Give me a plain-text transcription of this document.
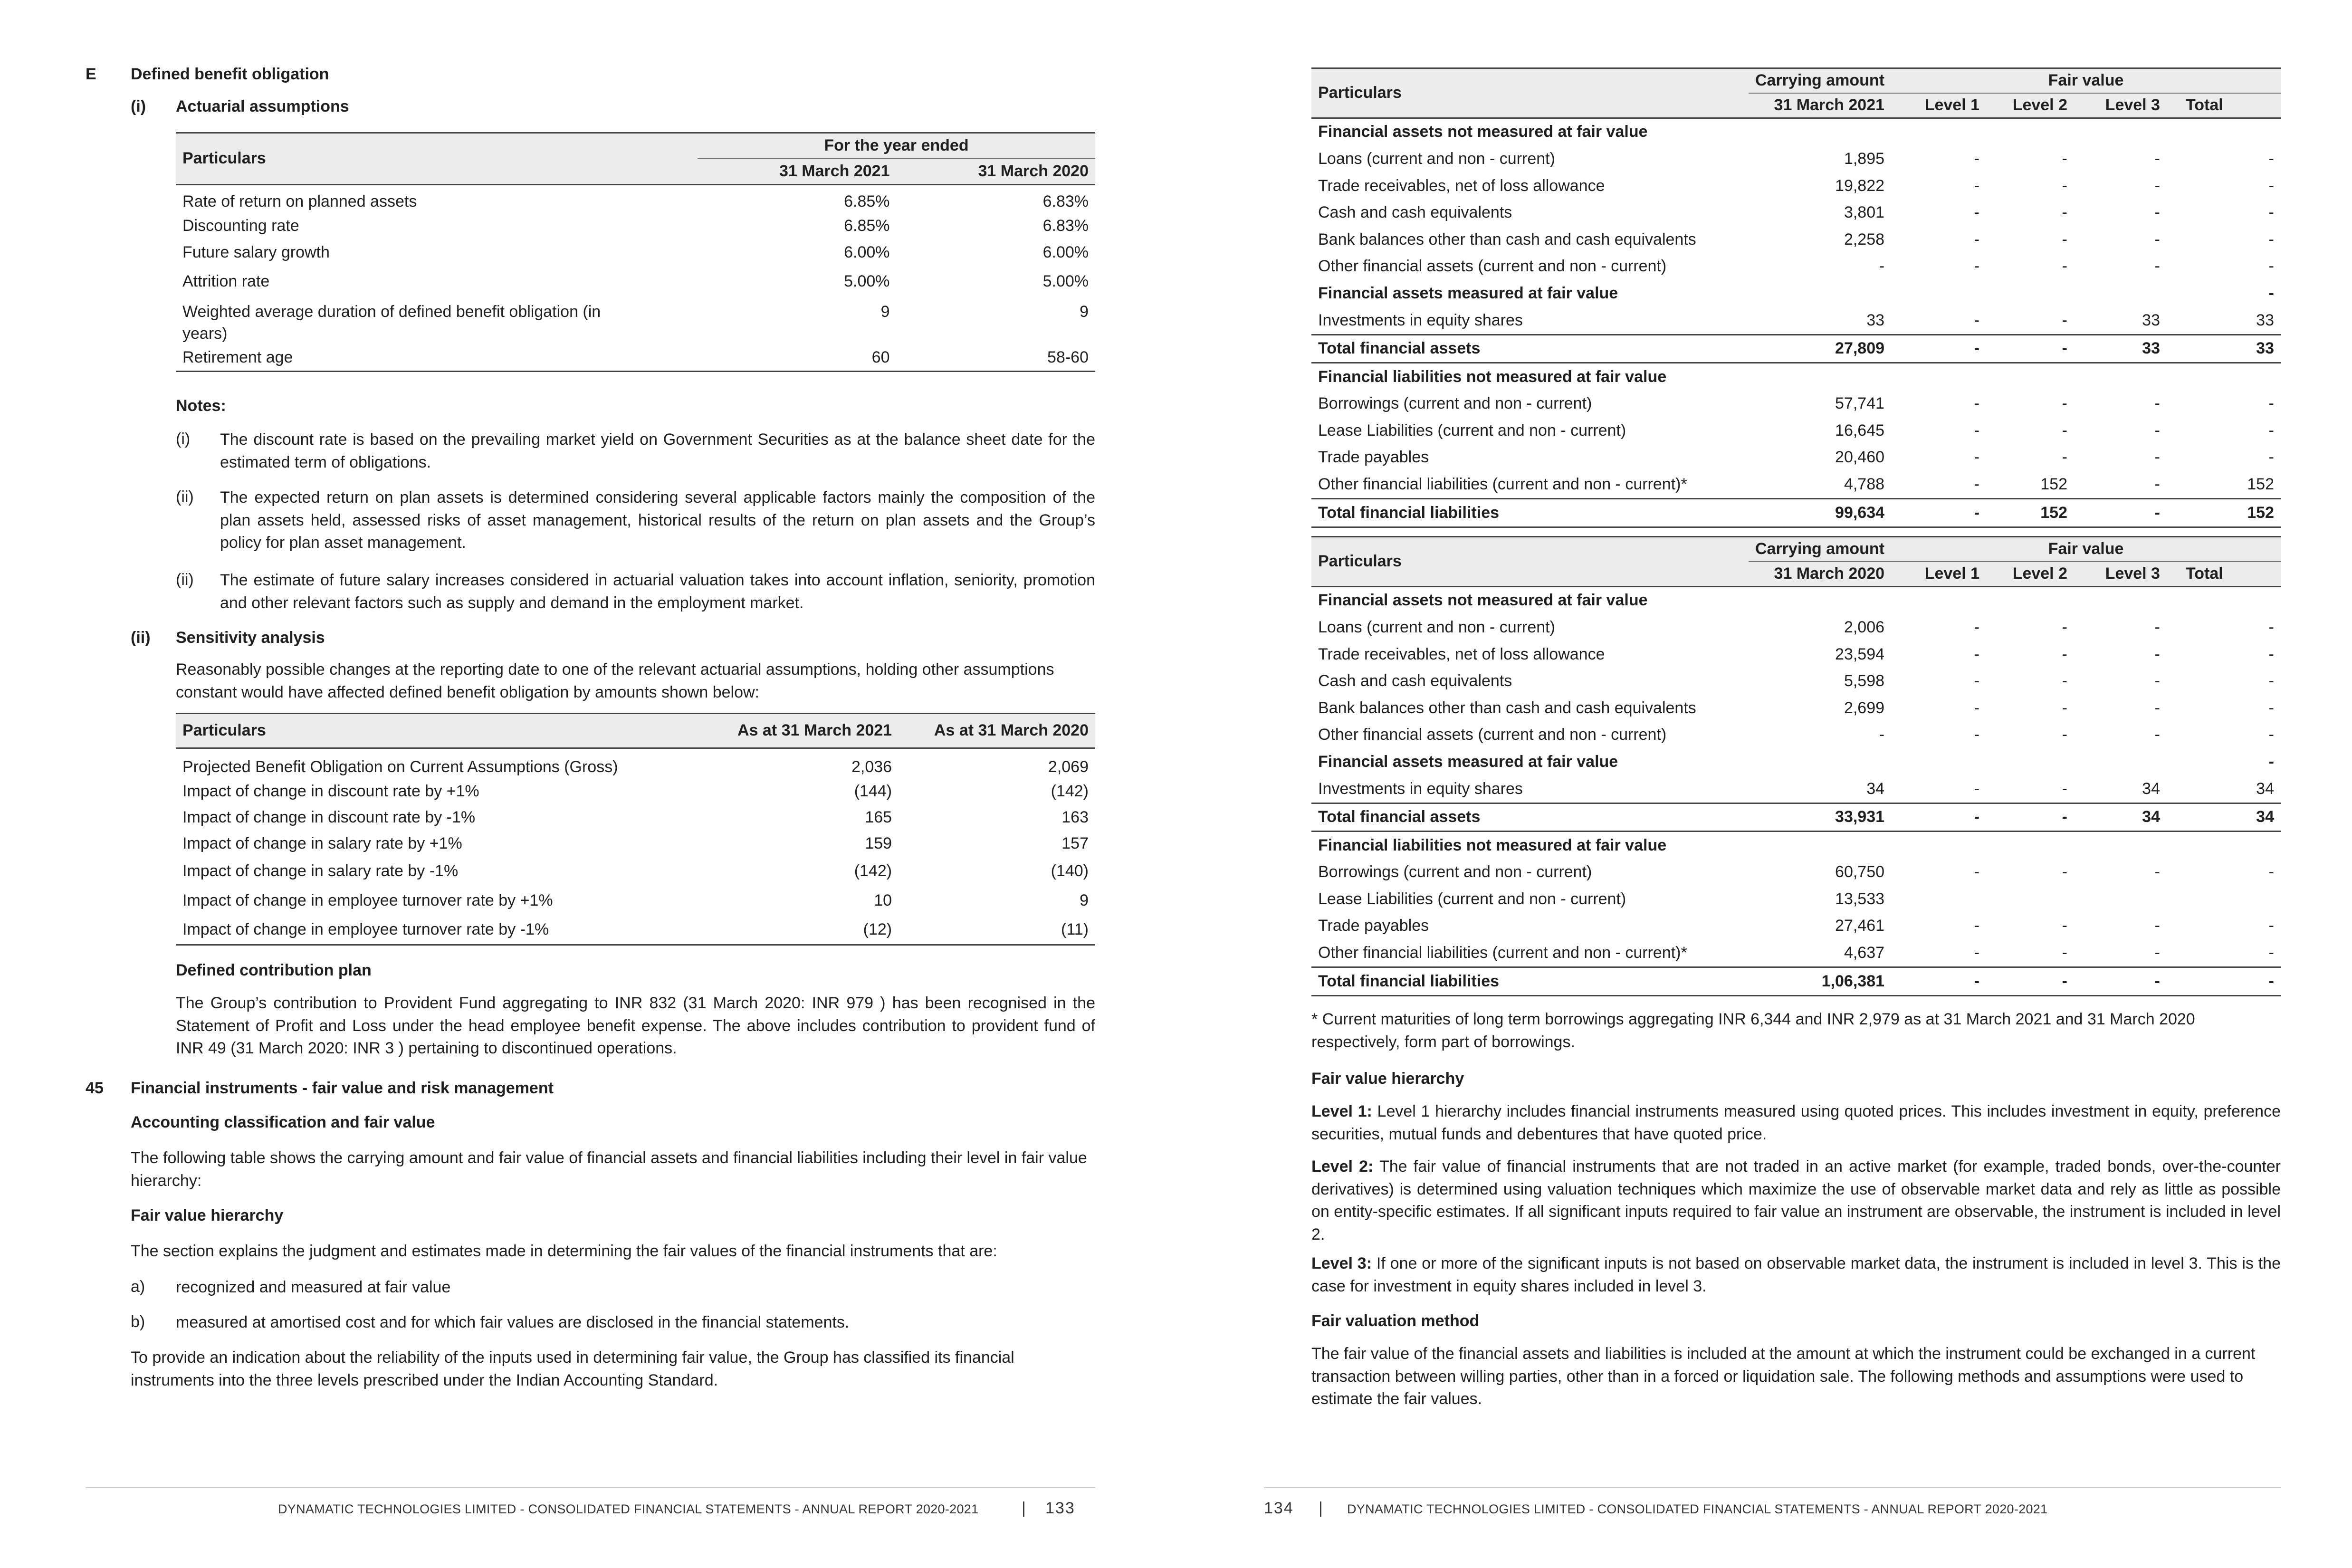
E Defined benefit obligation
(i) Actuarial assumptions
Particulars	For the year ended	
	31 March 2021	31 March 2020
Rate of return on planned assets	6.85%	6.83%
Discounting rate	6.85%	6.83%
Future salary growth	6.00%	6.00%
Attrition rate	5.00%	5.00%
Weighted average duration of defined benefit obligation (in
years)	9	9
Retirement age	60	58-60
Notes:
(i) The discount rate is based on the prevailing market yield on Government Securities as at the balance sheet date for the estimated term of obligations.
(ii) The expected return on plan assets is determined considering several applicable factors mainly the composition of the plan assets held, assessed risks of asset management, historical results of the return on plan assets and the Group’s policy for plan asset management.
(ii) The estimate of future salary increases considered in actuarial valuation takes into account inflation, seniority, promotion and other relevant factors such as supply and demand in the employment market.
(ii) Sensitivity analysis
Reasonably possible changes at the reporting date to one of the relevant actuarial assumptions, holding other assumptions constant would have affected defined benefit obligation by amounts shown below:
Particulars	As at 31 March 2021	As at 31 March 2020
Projected Benefit Obligation on Current Assumptions (Gross)	2,036	2,069
Impact of change in discount rate by +1%	(144)	(142)
Impact of change in discount rate by -1%	165	163
Impact of change in salary rate by +1%	159	157
Impact of change in salary rate by -1%	(142)	(140)
Impact of change in employee turnover rate by +1%	10	9
Impact of change in employee turnover rate by -1%	(12)	(11)
Defined contribution plan
The Group’s contribution to Provident Fund aggregating to INR 832 (31 March 2020: INR 979 ) has been recognised in the Statement of Profit and Loss under the head employee benefit expense. The above includes contribution to provident fund of INR 49 (31 March 2020: INR 3 ) pertaining to discontinued operations.
45 Financial instruments - fair value and risk management
Accounting classification and fair value
The following table shows the carrying amount and fair value of financial assets and financial liabilities including their level in fair value hierarchy:
Fair value hierarchy
The section explains the judgment and estimates made in determining the fair values of the financial instruments that are:
a) recognized and measured at fair value
b) measured at amortised cost and for which fair values are disclosed in the financial statements.
To provide an indication about the reliability of the inputs used in determining fair value, the Group has classified its financial instruments into the three levels prescribed under the Indian Accounting Standard.
DYNAMATIC TECHNOLOGIES LIMITED - CONSOLIDATED FINANCIAL STATEMENTS - ANNUAL REPORT 2020-2021	| 133
Particulars	Carrying amount	Fair value			
	31 March 2021	Level 1	Level 2	Level 3	Total
Financial assets not measured at fair value					
Loans (current and non - current)	1,895	-	-	-	-
Trade receivables, net of loss allowance	19,822	-	-	-	-
Cash and cash equivalents	3,801	-	-	-	-
Bank balances other than cash and cash equivalents	2,258	-	-	-	-
Other financial assets (current and non - current)	-	-	-	-	-
Financial assets measured at fair value					-
Investments in equity shares	33	-	-	33	33
Total financial assets	27,809	-	-	33	33
Financial liabilities not measured at fair value					
Borrowings (current and non - current)	57,741	-	-	-	-
Lease Liabilities (current and non - current)	16,645	-	-	-	-
Trade payables	20,460	-	-	-	-
Other financial liabilities (current and non - current)*	4,788	-	152	-	152
Total financial liabilities	99,634	-	152	-	152
Particulars	Carrying amount	Fair value			
	31 March 2020	Level 1	Level 2	Level 3	Total
Financial assets not measured at fair value					
Loans (current and non - current)	2,006	-	-	-	-
Trade receivables, net of loss allowance	23,594	-	-	-	-
Cash and cash equivalents	5,598	-	-	-	-
Bank balances other than cash and cash equivalents	2,699	-	-	-	-
Other financial assets (current and non - current)	-	-	-	-	-
Financial assets measured at fair value					-
Investments in equity shares	34	-	-	34	34
Total financial assets	33,931	-	-	34	34
Financial liabilities not measured at fair value					
Borrowings (current and non - current)	60,750	-	-	-	-
Lease Liabilities (current and non - current)	13,533				
Trade payables	27,461	-	-	-	-
Other financial liabilities (current and non - current)*	4,637	-	-	-	-
Total financial liabilities	1,06,381	-	-	-	-
* Current maturities of long term borrowings aggregating INR 6,344 and INR 2,979 as at 31 March 2021 and 31 March 2020 respectively, form part of borrowings.
Fair value hierarchy
Level 1: Level 1 hierarchy includes financial instruments measured using quoted prices. This includes investment in equity, preference securities, mutual funds and debentures that have quoted price.
Level 2: The fair value of financial instruments that are not traded in an active market (for example, traded bonds, over-the-counter derivatives) is determined using valuation techniques which maximize the use of observable market data and rely as little as possible on entity-specific estimates. If all significant inputs required to fair value an instrument are observable, the instrument is included in level 2.
Level 3: If one or more of the significant inputs is not based on observable market data, the instrument is included in level 3. This is the case for investment in equity shares included in level 3.
Fair valuation method
The fair value of the financial assets and liabilities is included at the amount at which the instrument could be exchanged in a current transaction between willing parties, other than in a forced or liquidation sale. The following methods and assumptions were used to estimate the fair values.
134 | DYNAMATIC TECHNOLOGIES LIMITED - CONSOLIDATED FINANCIAL STATEMENTS - ANNUAL REPORT 2020-2021
